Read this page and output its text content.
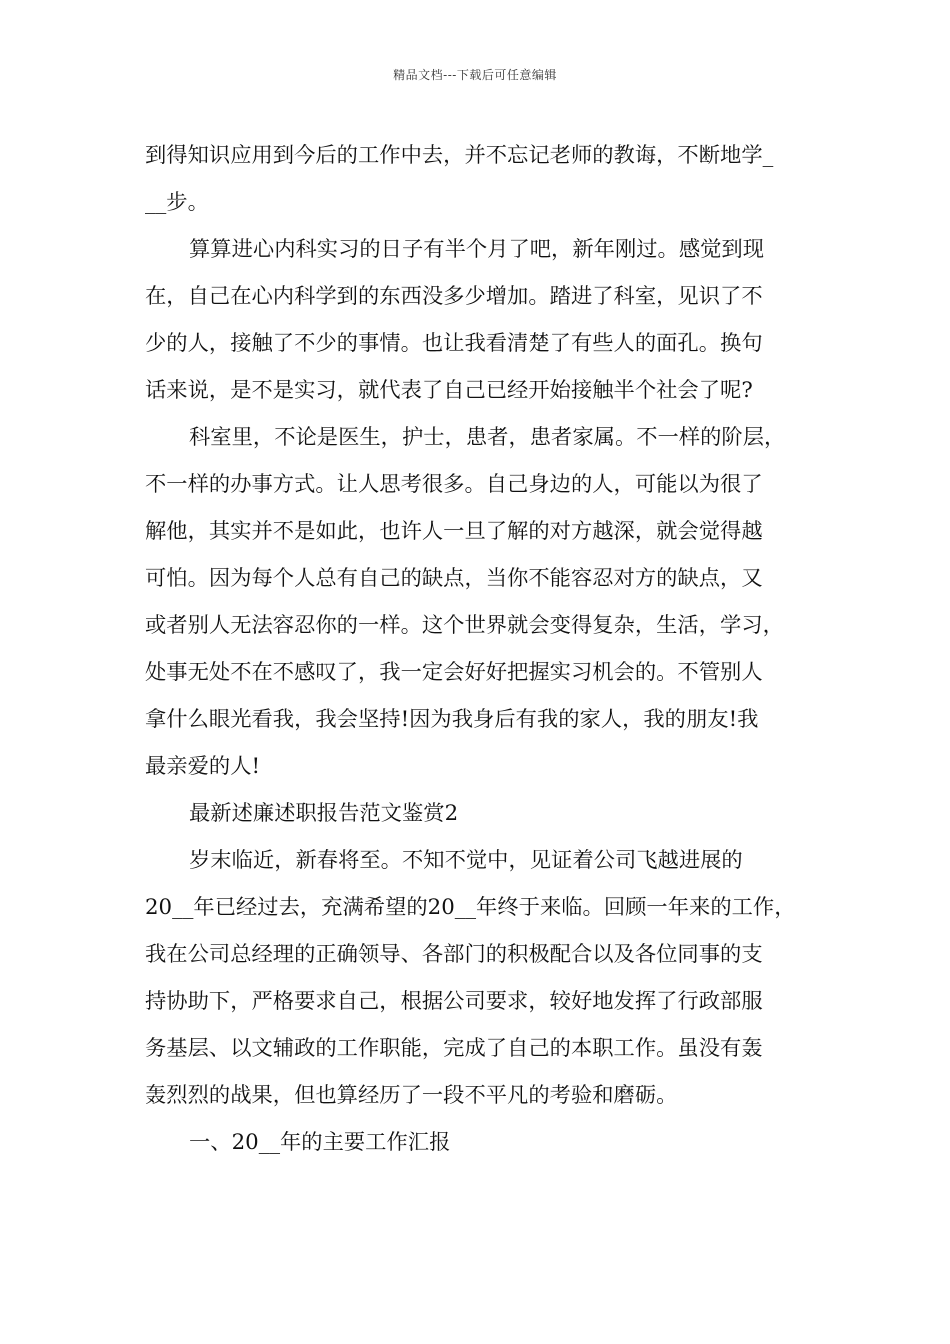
精品文档---下载后可任意编辑
到得知识应用到今后的工作中去，并不忘记老师的教诲，不断地学_
__步。
算算进心内科实习的日子有半个月了吧，新年刚过。感觉到现
在，自己在心内科学到的东西没多少增加。踏进了科室，见识了不
少的人，接触了不少的事情。也让我看清楚了有些人的面孔。换句
话来说，是不是实习，就代表了自己已经开始接触半个社会了呢?
科室里，不论是医生，护士，患者，患者家属。不一样的阶层，
不一样的办事方式。让人思考很多。自己身边的人，可能以为很了
解他，其实并不是如此，也许人一旦了解的对方越深，就会觉得越
可怕。因为每个人总有自己的缺点，当你不能容忍对方的缺点，又
或者别人无法容忍你的一样。这个世界就会变得复杂，生活，学习，
处事无处不在不感叹了，我一定会好好把握实习机会的。不管别人
拿什么眼光看我，我会坚持!因为我身后有我的家人，我的朋友!我
最亲爱的人!
最新述廉述职报告范文鉴赏2
岁末临近，新春将至。不知不觉中，见证着公司飞越进展的
20__年已经过去，充满希望的20__年终于来临。回顾一年来的工作，
我在公司总经理的正确领导、各部门的积极配合以及各位同事的支
持协助下，严格要求自己，根据公司要求，较好地发挥了行政部服
务基层、以文辅政的工作职能，完成了自己的本职工作。虽没有轰
轰烈烈的战果，但也算经历了一段不平凡的考验和磨砺。
一、20__年的主要工作汇报
